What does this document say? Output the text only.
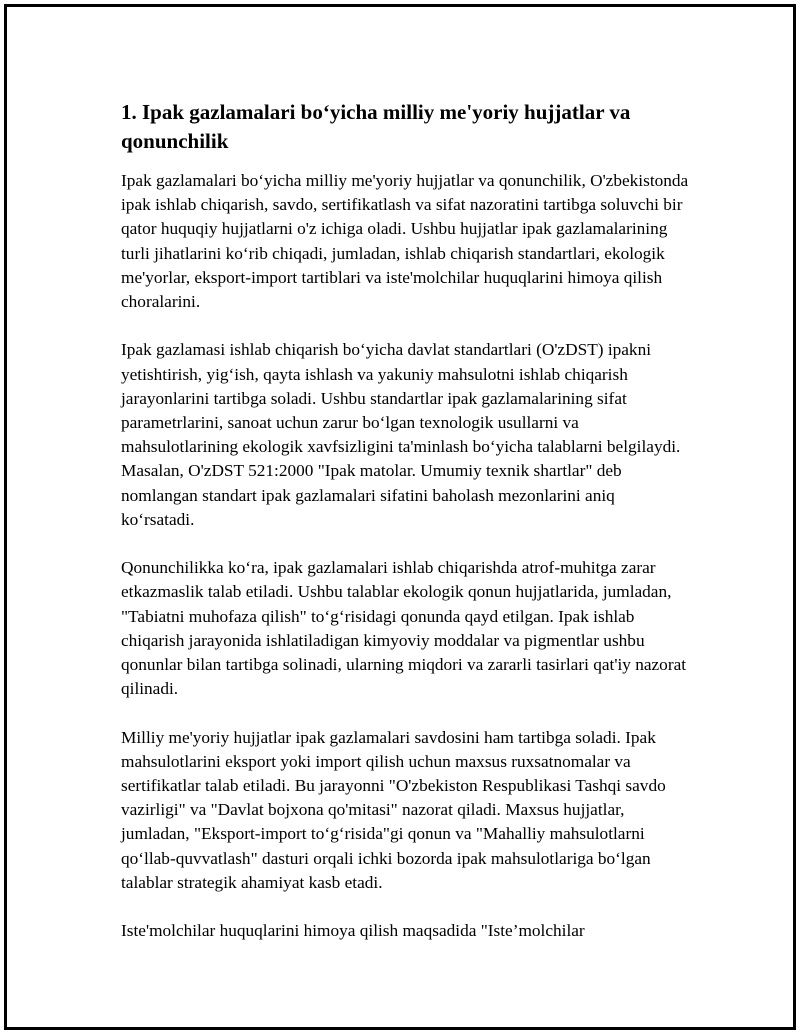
1. Ipak gazlamalari bo‘yicha milliy me'yoriy hujjatlar va qonunchilik

Ipak gazlamalari bo‘yicha milliy me'yoriy hujjatlar va qonunchilik, O'zbekistonda ipak ishlab chiqarish, savdo, sertifikatlash va sifat nazoratini tartibga soluvchi bir qator huquqiy hujjatlarni o'z ichiga oladi. Ushbu hujjatlar ipak gazlamalarining turli jihatlarini ko‘rib chiqadi, jumladan, ishlab chiqarish standartlari, ekologik me'yorlar, eksport-import tartiblari va iste'molchilar huquqlarini himoya qilish choralarini.

Ipak gazlamasi ishlab chiqarish bo‘yicha davlat standartlari (O'zDST) ipakni yetishtirish, yig‘ish, qayta ishlash va yakuniy mahsulotni ishlab chiqarish jarayonlarini tartibga soladi. Ushbu standartlar ipak gazlamalarining sifat parametrlarini, sanoat uchun zarur bo‘lgan texnologik usullarni va mahsulotlarining ekologik xavfsizligini ta'minlash bo‘yicha talablarni belgilaydi. Masalan, O'zDST 521:2000 "Ipak matolar. Umumiy texnik shartlar" deb nomlangan standart ipak gazlamalari sifatini baholash mezonlarini aniq ko‘rsatadi.

Qonunchilikka ko‘ra, ipak gazlamalari ishlab chiqarishda atrof-muhitga zarar etkazmaslik talab etiladi. Ushbu talablar ekologik qonun hujjatlarida, jumladan, "Tabiatni muhofaza qilish" to‘g‘risidagi qonunda qayd etilgan. Ipak ishlab chiqarish jarayonida ishlatiladigan kimyoviy moddalar va pigmentlar ushbu qonunlar bilan tartibga solinadi, ularning miqdori va zararli tasirlari qat'iy nazorat qilinadi.

Milliy me'yoriy hujjatlar ipak gazlamalari savdosini ham tartibga soladi. Ipak mahsulotlarini eksport yoki import qilish uchun maxsus ruxsatnomalar va sertifikatlar talab etiladi. Bu jarayonni "O'zbekiston Respublikasi Tashqi savdo vazirligi" va "Davlat bojxona qo'mitasi" nazorat qiladi. Maxsus hujjatlar, jumladan, "Eksport-import to‘g‘risida"gi qonun va "Mahalliy mahsulotlarni qo‘llab-quvvatlash" dasturi orqali ichki bozorda ipak mahsulotlariga bo‘lgan talablar strategik ahamiyat kasb etadi.

Iste'molchilar huquqlarini himoya qilish maqsadida "Iste’molchilar
